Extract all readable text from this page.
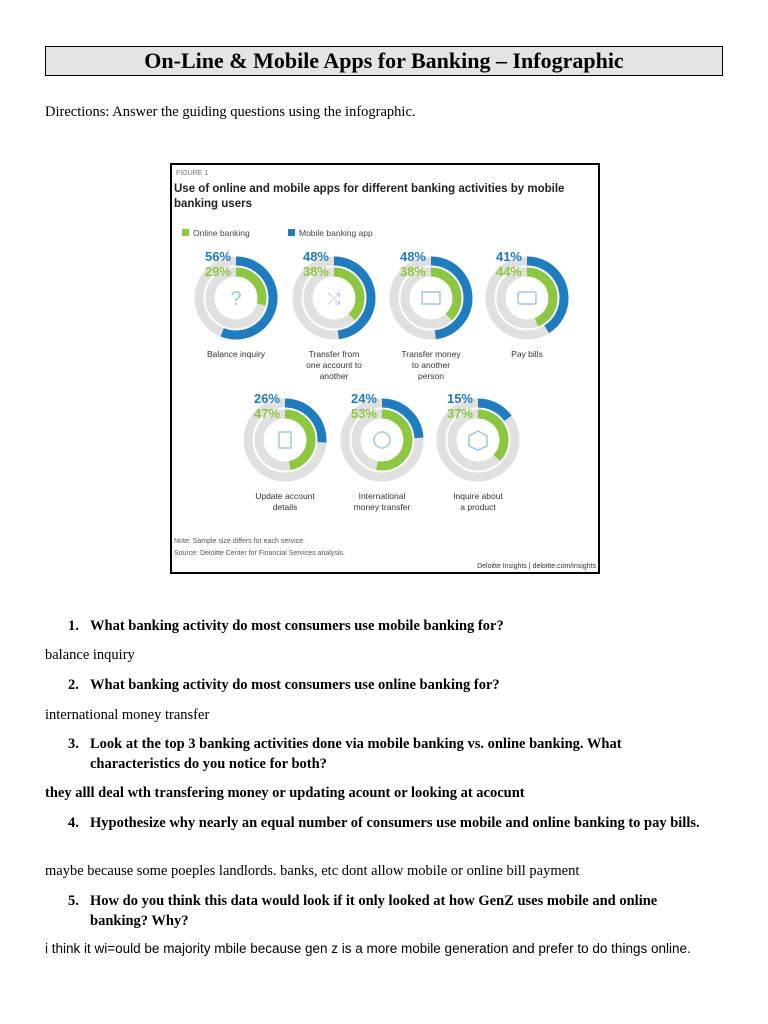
On-Line & Mobile Apps for Banking – Infographic
Directions: Answer the guiding questions using the infographic.
FIGURE 1
Use of online and mobile apps for different banking activities by mobile
banking users
Online banking	Mobile banking app
?
56%
29%
Balance inquiry
⤮
48%
38%
Transfer from
one account to
another
48%
38%
Transfer money
to another
person
41%
44%
Pay bills
26%
47%
Update account
details
24%
53%
International
money transfer
15%
37%
Inquire about
a product
Note: Sample size differs for each service.
Source: Deloitte Center for Financial Services analysis.
Deloitte Insights | deloitte.com/insights
1. What banking activity do most consumers use mobile banking for?
balance inquiry
2. What banking activity do most consumers use online banking for?
international money transfer
3. Look at the top 3 banking activities done via mobile banking vs. online banking. What characteristics do you notice for both?
they alll deal wth transfering money or updating acount or looking at acocunt
4. Hypothesize why nearly an equal number of consumers use mobile and online banking to pay bills.
maybe because some poeples landlords. banks, etc dont allow mobile or online bill payment
5. How do you think this data would look if it only looked at how GenZ uses mobile and online banking? Why?
i think it wi=ould be majority mbile because gen z is a more mobile generation and prefer to do things online.
